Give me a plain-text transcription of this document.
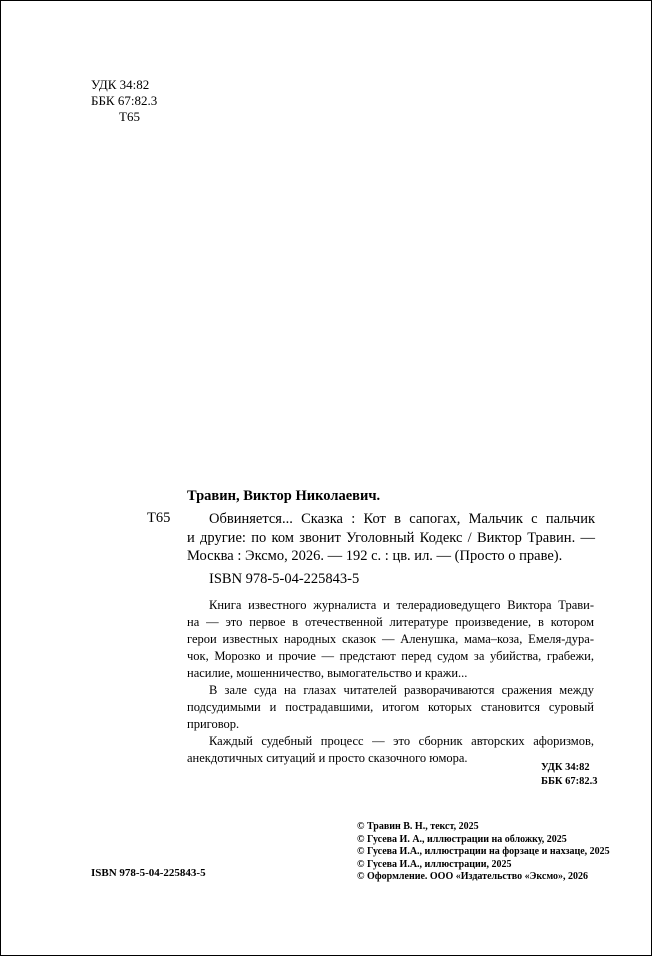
УДК 34:82
ББК 67:82.3
Т65
Травин, Виктор Николаевич.
Т65	Обвиняется... Сказка : Кот в сапогах, Мальчик с пальчик
и другие: по ком звонит Уголовный Кодекс / Виктор Травин. —
Москва : Эксмо, 2026. — 192 с. : цв. ил. — (Просто о праве).
ISBN 978-5-04-225843-5
Книга известного журналиста и телерадиоведущего Виктора Трави-
на — это первое в отечественной литературе произведение, в котором
герои известных народных сказок — Аленушка, мама–коза, Емеля-дура-
чок, Морозко и прочие — предстают перед судом за убийства, грабежи,
насилие, мошенничество, вымогательство и кражи...
В зале суда на глазах читателей разворачиваются сражения между
подсудимыми и пострадавшими, итогом которых становится суровый
приговор.
Каждый судебный процесс — это сборник авторских афоризмов,
анекдотичных ситуаций и просто сказочного юмора.
УДК 34:82
ББК 67:82.3
© Травин В. Н., текст, 2025
© Гусева И. А., иллюстрации на обложку, 2025
© Гусева И.А., иллюстрации на форзаце и нахзаце, 2025
© Гусева И.А., иллюстрации, 2025
© Оформление. ООО «Издательство «Эксмо», 2026
ISBN 978-5-04-225843-5
